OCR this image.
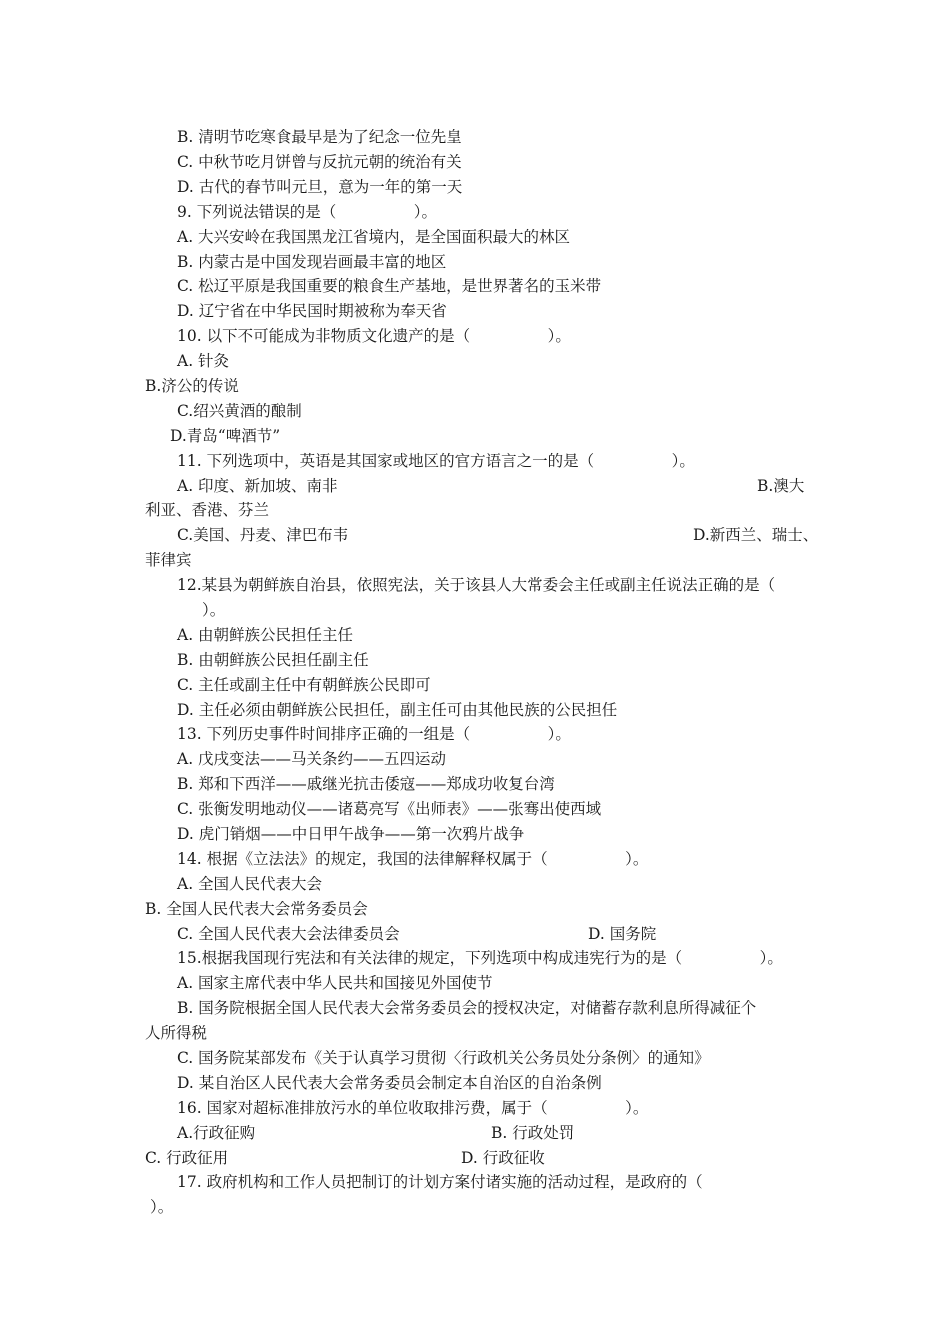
B. 清明节吃寒食最早是为了纪念一位先皇
C. 中秋节吃月饼曾与反抗元朝的统治有关
D. 古代的春节叫元旦，意为一年的第一天
9. 下列说法错误的是（　　　　　）。
A. 大兴安岭在我国黑龙江省境内，是全国面积最大的林区
B. 内蒙古是中国发现岩画最丰富的地区
C. 松辽平原是我国重要的粮食生产基地，是世界著名的玉米带
D. 辽宁省在中华民国时期被称为奉天省
10. 以下不可能成为非物质文化遗产的是（　　　　　）。
A. 针灸
B.济公的传说
C.绍兴黄酒的酿制
D.青岛“啤酒节”
11. 下列选项中，英语是其国家或地区的官方语言之一的是（　　　　　）。
A. 印度、新加坡、南非	B.澳大
利亚、香港、芬兰
C.美国、丹麦、津巴布韦	D.新西兰、瑞士、
菲律宾
12.某县为朝鲜族自治县，依照宪法，关于该县人大常委会主任或副主任说法正确的是（
）。
A. 由朝鲜族公民担任主任
B. 由朝鲜族公民担任副主任
C. 主任或副主任中有朝鲜族公民即可
D. 主任必须由朝鲜族公民担任，副主任可由其他民族的公民担任
13. 下列历史事件时间排序正确的一组是（　　　　　）。
A. 戊戌变法——马关条约——五四运动
B. 郑和下西洋——戚继光抗击倭寇——郑成功收复台湾
C. 张衡发明地动仪——诸葛亮写《出师表》——张骞出使西域
D. 虎门销烟——中日甲午战争——第一次鸦片战争
14. 根据《立法法》的规定，我国的法律解释权属于（　　　　　）。
A. 全国人民代表大会
B. 全国人民代表大会常务委员会
C. 全国人民代表大会法律委员会	D. 国务院
15.根据我国现行宪法和有关法律的规定，下列选项中构成违宪行为的是（　　　　　）。
A. 国家主席代表中华人民共和国接见外国使节
B. 国务院根据全国人民代表大会常务委员会的授权决定，对储蓄存款利息所得减征个
人所得税
C. 国务院某部发布《关于认真学习贯彻〈行政机关公务员处分条例〉的通知》
D. 某自治区人民代表大会常务委员会制定本自治区的自治条例
16. 国家对超标准排放污水的单位收取排污费，属于（　　　　　）。
A.行政征购	B. 行政处罚
C. 行政征用	D. 行政征收
17. 政府机构和工作人员把制订的计划方案付诸实施的活动过程，是政府的（
）。
